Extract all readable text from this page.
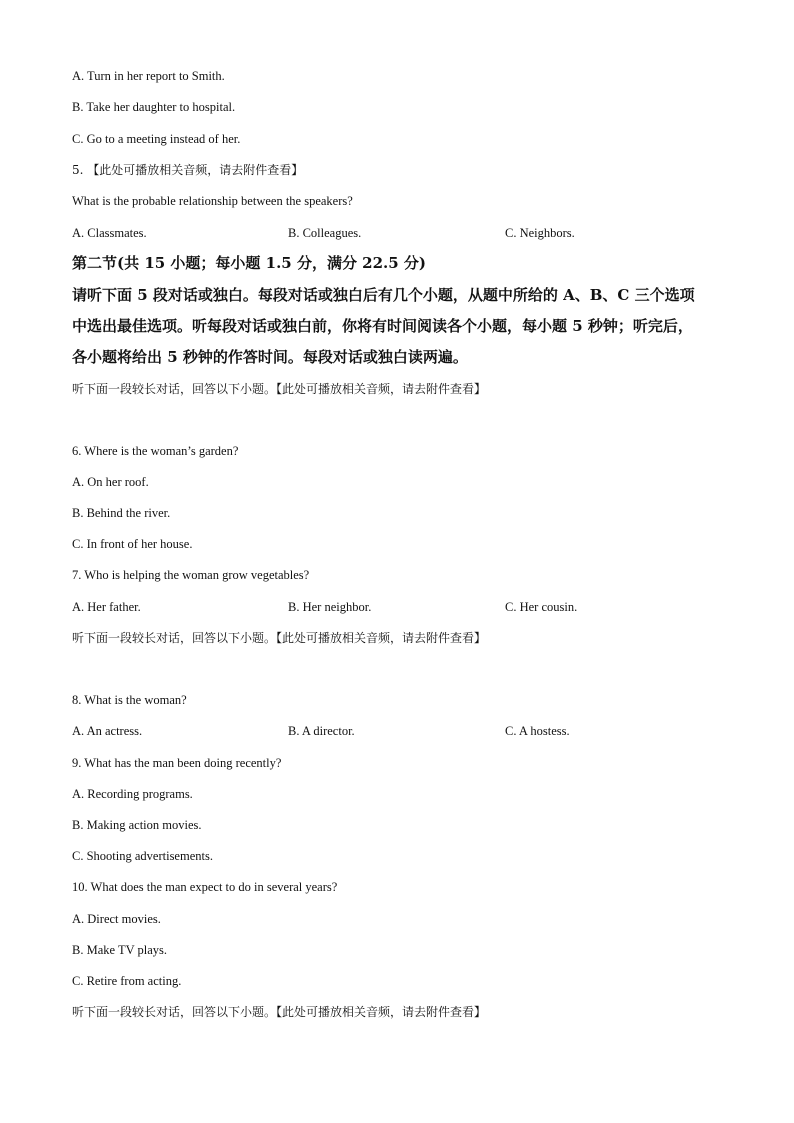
A. Turn in her report to Smith.
B. Take her daughter to hospital.
C. Go to a meeting instead of her.
5. 【此处可播放相关音频，请去附件查看】
What is the probable relationship between the speakers?
A. Classmates.	B. Colleagues.	C. Neighbors.
第二节(共 15 小题；每小题 1.5 分，满分 22.5 分)
请听下面 5 段对话或独白。每段对话或独白后有几个小题，从题中所给的 A、B、C 三个选项
中选出最佳选项。听每段对话或独白前，你将有时间阅读各个小题，每小题 5 秒钟；听完后，
各小题将给出 5 秒钟的作答时间。每段对话或独白读两遍。
听下面一段较长对话，回答以下小题。【此处可播放相关音频，请去附件查看】
6. Where is the woman’s garden?
A. On her roof.
B. Behind the river.
C. In front of her house.
7. Who is helping the woman grow vegetables?
A. Her father.	B. Her neighbor.	C. Her cousin.
听下面一段较长对话，回答以下小题。【此处可播放相关音频，请去附件查看】
8. What is the woman?
A. An actress.	B. A director.	C. A hostess.
9. What has the man been doing recently?
A. Recording programs.
B. Making action movies.
C. Shooting advertisements.
10. What does the man expect to do in several years?
A. Direct movies.
B. Make TV plays.
C. Retire from acting.
听下面一段较长对话，回答以下小题。【此处可播放相关音频，请去附件查看】
